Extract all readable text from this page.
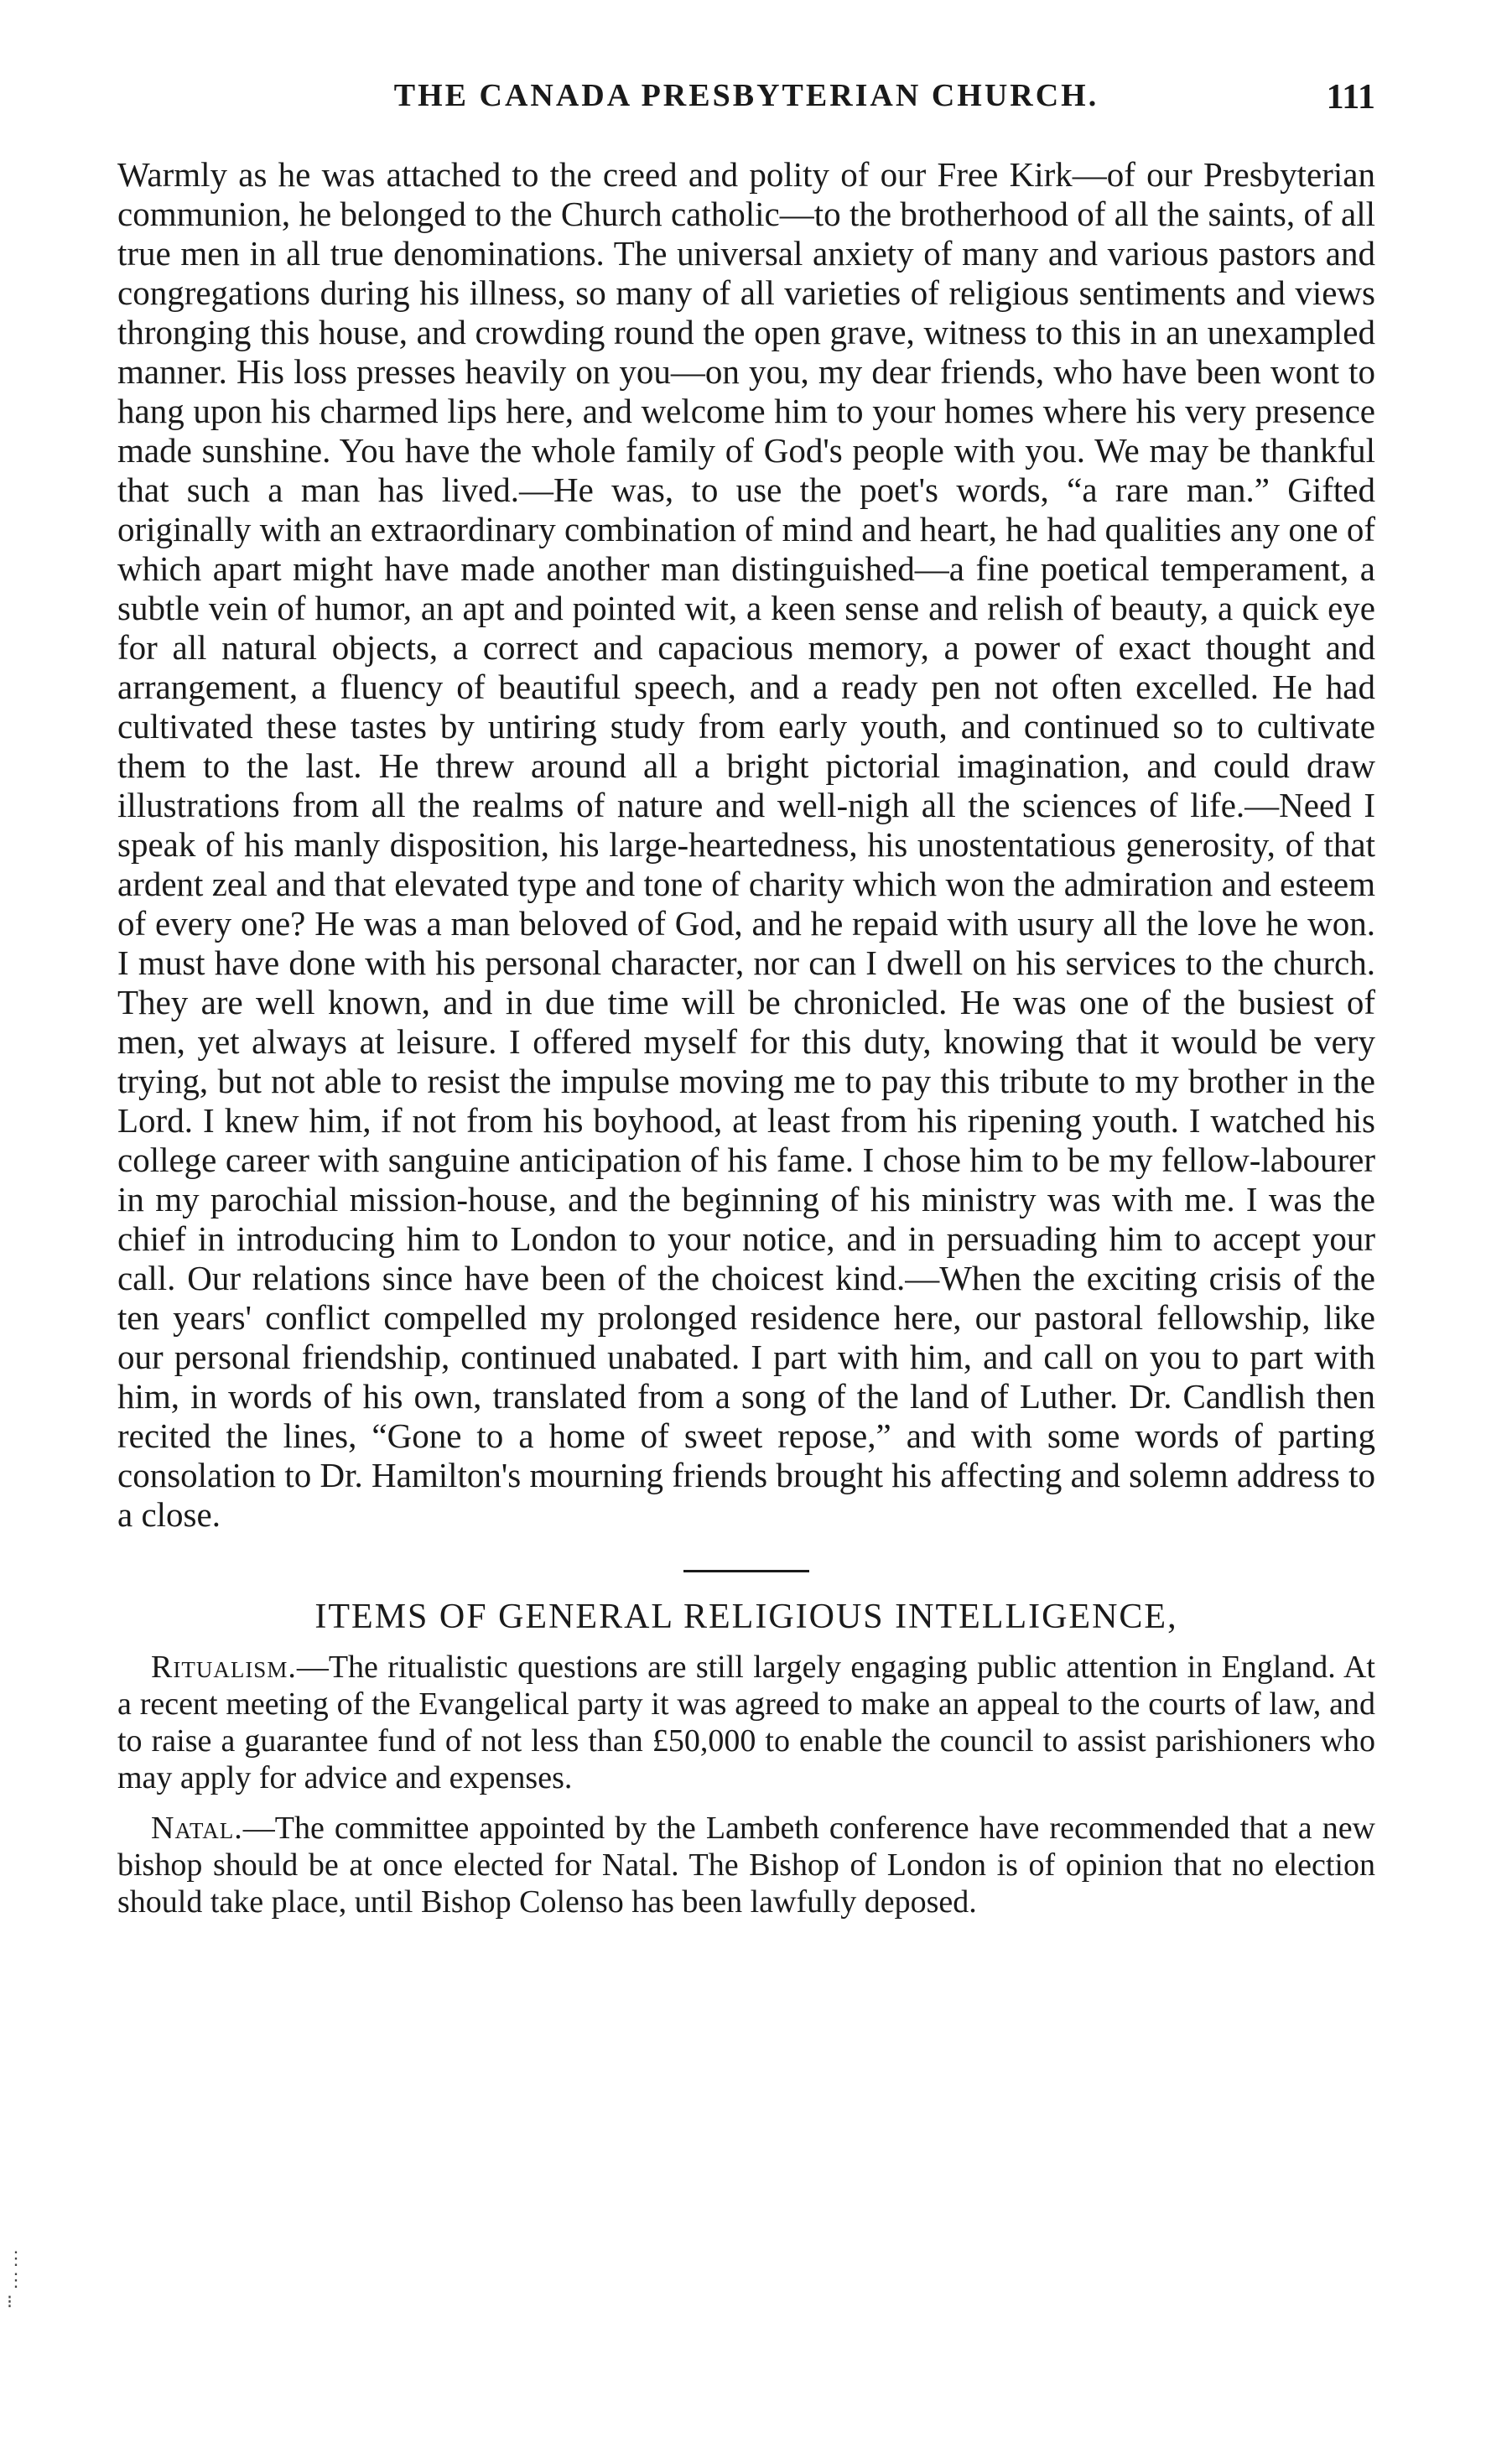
THE CANADA PRESBYTERIAN CHURCH.	111

Warmly as he was attached to the creed and polity of our Free Kirk—of our Presbyterian communion, he belonged to the Church catholic—to the brotherhood of all the saints, of all true men in all true denominations. The universal anxiety of many and various pastors and congregations during his illness, so many of all varieties of religious sentiments and views thronging this house, and crowding round the open grave, witness to this in an unexampled manner. His loss presses heavily on you—on you, my dear friends, who have been wont to hang upon his charmed lips here, and welcome him to your homes where his very presence made sunshine. You have the whole family of God's people with you. We may be thankful that such a man has lived.—He was, to use the poet's words, “a rare man.” Gifted originally with an extraordinary combination of mind and heart, he had qualities any one of which apart might have made another man distinguished—a fine poetical temperament, a subtle vein of humor, an apt and pointed wit, a keen sense and relish of beauty, a quick eye for all natural objects, a correct and capacious memory, a power of exact thought and arrangement, a fluency of beautiful speech, and a ready pen not often excelled. He had cultivated these tastes by untiring study from early youth, and continued so to cultivate them to the last. He threw around all a bright pictorial imagination, and could draw illustrations from all the realms of nature and well-nigh all the sciences of life.—Need I speak of his manly disposition, his large-heartedness, his unostentatious generosity, of that ardent zeal and that elevated type and tone of charity which won the admiration and esteem of every one? He was a man beloved of God, and he repaid with usury all the love he won. I must have done with his personal character, nor can I dwell on his services to the church. They are well known, and in due time will be chronicled. He was one of the busiest of men, yet always at leisure. I offered myself for this duty, knowing that it would be very trying, but not able to resist the impulse moving me to pay this tribute to my brother in the Lord. I knew him, if not from his boyhood, at least from his ripening youth. I watched his college career with sanguine anticipation of his fame. I chose him to be my fellow-labourer in my parochial mission-house, and the beginning of his ministry was with me. I was the chief in introducing him to London to your notice, and in persuading him to accept your call. Our relations since have been of the choicest kind.—When the exciting crisis of the ten years' conflict compelled my prolonged residence here, our pastoral fellowship, like our personal friendship, continued unabated. I part with him, and call on you to part with him, in words of his own, translated from a song of the land of Luther. Dr. Candlish then recited the lines, “Gone to a home of sweet repose,” and with some words of parting consolation to Dr. Hamilton's mourning friends brought his affecting and solemn address to a close.

ITEMS OF GENERAL RELIGIOUS INTELLIGENCE,

Ritualism.—The ritualistic questions are still largely engaging public attention in England. At a recent meeting of the Evangelical party it was agreed to make an appeal to the courts of law, and to raise a guarantee fund of not less than £50,000 to enable the council to assist parishioners who may apply for advice and expenses.

Natal.—The committee appointed by the Lambeth conference have recommended that a new bishop should be at once elected for Natal. The Bishop of London is of opinion that no election should take place, until Bishop Colenso has been lawfully deposed.

⋮
⋮
⁝
